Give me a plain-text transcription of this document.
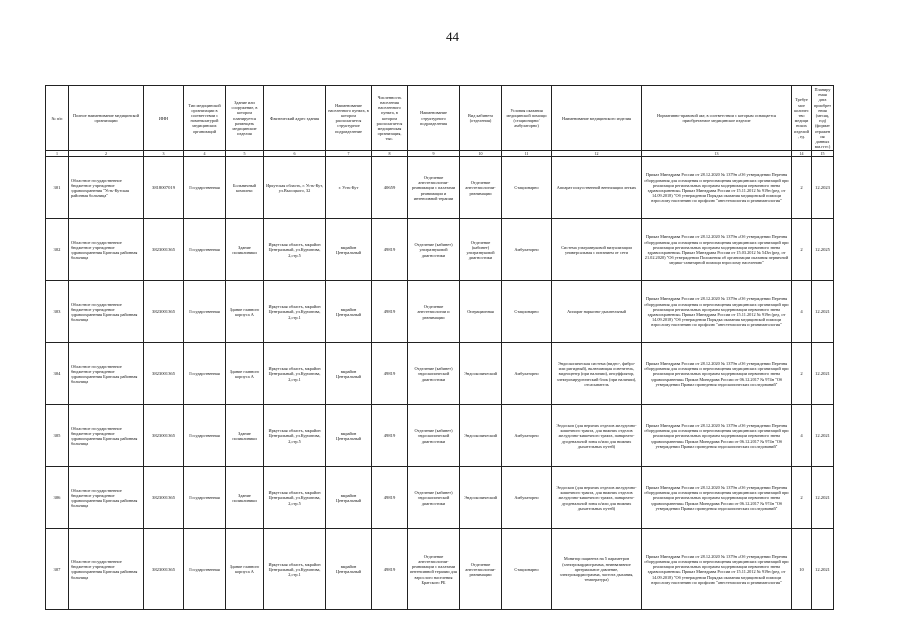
44
№ п/п	Полное наименование медицинской организации	ИНН	Тип медицинской организации в соответствии с номенклатурой медицинских организаций	Здание или сооружение, в котором планируется размещать медицинские изделия	Фактический адрес здания	Наименование населенного пункта, в котором располагается структурное подразделение	Численность населения населенного пункта, в котором располагается медицинская организация, тыс.	Наименование структурного подразделения	Вид кабинета (отделения)	Условия оказания медицинской помощи (стационарно/амбулаторно)	Наименование медицинского изделия	Нормативно-правовой акт, в соответствии с которым оснащается приобретаемое медицинское изделие	Требуемое количество медицинских изделий, ед.	Планируемая дата приобретения (месяц, год) (формат отражения данных мм.гггг.)
1	2	3	4	5	6	7	8	9	10	11	12	13	14	15
301	Областное государственное бюджетное учреждение здравоохранения "Усть-Кутская районная больница"	3818007019	Государственная	Больничный комплекс	Иркутская область, г. Усть-Кут, ул.Высоцкого, 32	г. Усть-Кут	40659	Отделение анестезиологии-реанимации с палатами реанимации и интенсивной терапии	Отделение анестезиологии-реанимации	Стационарно	Аппарат искусственной вентиляции легких	Приказ Минздрава России от 28.12.2020 № 1379н «Об утверждении Перечня оборудования для оснащения и переоснащения медицинских организаций при реализации региональных программ модернизации первичного звена здравоохранения» Приказ Минздрава России от 15.11.2012 № 919н (ред. от 14.09.2018) "Об утверждении Порядка оказания медицинской помощи взрослому населению по профилю "анестезиология и реаниматология"	2	12.2023
302	Областное государственное бюджетное учреждение здравоохранения Братская районная больница	3823001365	Государственная	Здание поликлиники	Иркутская область, мкрайон Центральный, ул.Курчатова, 2,стр.5	мкрайон Центральный	49819	Отделение (кабинет) ультразвуковой диагностики	Отделение (кабинет) ультразвуковой диагностики	Амбулаторно	Система ультразвуковой визуализации универсальная с питанием от сети	Приказ Минздрава России от 28.12.2020 № 1379н «Об утверждении Перечня оборудования для оснащения и переоснащения медицинских организаций при реализации региональных программ модернизации первичного звена здравоохранения» Приказ Минздрава России от 15.03.2012 № 543н (ред. от 21.02.2020) "Об утверждении Положения об организации оказания первичной медико-санитарной помощи взрослому населению"	2	12.2025
303	Областное государственное бюджетное учреждение здравоохранения Братская районная больница	3823001365	Государственная	Здание главного корпуса А	Иркутская область, мкрайон Центральный, ул.Курчатова, 2,стр.1	мкрайон Центральный	49819	Отделение анестезиологии и реанимации	Операционная	Стационарно	Аппарат наркозно-дыхательный	Приказ Минздрава России от 28.12.2020 № 1379н «Об утверждении Перечня оборудования для оснащения и переоснащения медицинских организаций при реализации региональных программ модернизации первичного звена здравоохранения» Приказ Минздрава России от 15.11.2012 № 919н (ред. от 14.09.2018) "Об утверждении Порядка оказания медицинской помощи взрослому населению по профилю "анестезиология и реаниматология"	4	12.2021
304	Областное государственное бюджетное учреждение здравоохранения Братская районная больница	3823001365	Государственная	Здание главного корпуса А	Иркутская область, мкрайон Центральный, ул.Курчатова, 2,стр.1	мкрайон Центральный	49819	Отделение (кабинет) эндоскопической диагностики	Эндоскопический	Амбулаторно	Эндоскопическая система (видео-, фибро- или ригидный), включающая осветитель, видеоцентр (при наличии), инсуффлятор, электрохирургический блок (при наличии), отсасыватель	Приказ Минздрава России от 28.12.2020 № 1379н «Об утверждении Перечня оборудования для оснащения и переоснащения медицинских организаций при реализации региональных программ модернизации первичного звена здравоохранения» Приказ Минздрава России от 06.12.2017 № 974н "Об утверждении Правил проведения эндоскопических исследований"	2	12.2021
305	Областное государственное бюджетное учреждение здравоохранения Братская районная больница	3823001365	Государственная	Здание поликлиники	Иркутская область, мкрайон Центральный, ул.Курчатова, 2,стр.5	мкрайон Центральный	49819	Отделение (кабинет) эндоскопической диагностики	Эндоскопический	Амбулаторно	Эндоскоп (для верхних отделов желудочно-кишечного тракта, для нижних отделов желудочно-кишечного тракта, панкреато-дуоденальной зоны и/или для нижних дыхательных путей)	Приказ Минздрава России от 28.12.2020 № 1379н «Об утверждении Перечня оборудования для оснащения и переоснащения медицинских организаций при реализации региональных программ модернизации первичного звена здравоохранения» Приказ Минздрава России от 06.12.2017 № 974н "Об утверждении Правил проведения эндоскопических исследований"	4	12.2021
306	Областное государственное бюджетное учреждение здравоохранения Братская районная больница	3823001365	Государственная	Здание поликлиники	Иркутская область, мкрайон Центральный, ул.Курчатова, 2,стр.5	мкрайон Центральный	49819	Отделение (кабинет) эндоскопической диагностики	Эндоскопический	Амбулаторно	Эндоскоп (для верхних отделов желудочно-кишечного тракта, для нижних отделов желудочно-кишечного тракта, панкреато-дуоденальной зоны и/или для нижних дыхательных путей)	Приказ Минздрава России от 28.12.2020 № 1379н «Об утверждении Перечня оборудования для оснащения и переоснащения медицинских организаций при реализации региональных программ модернизации первичного звена здравоохранения» Приказ Минздрава России от 06.12.2017 № 974н "Об утверждении Правил проведения эндоскопических исследований"	2	12.2021
307	Областное государственное бюджетное учреждение здравоохранения Братская районная больница	3823001365	Государственная	Здание главного корпуса А	Иркутская область, мкрайон Центральный, ул.Курчатова, 2,стр.1	мкрайон Центральный	49819	Отделение анестезиологии-реанимации с палатами интенсивной терапии для взрослого населения Братского РБ	Отделение анестезиологии-реанимации	Стационарно	Монитор пациента на 5 параметров (электрокардиограмма, неинвазивное артериальное давление, электрокардиограмма, частота дыхания, температура)	Приказ Минздрава России от 28.12.2020 № 1379н «Об утверждении Перечня оборудования для оснащения и переоснащения медицинских организаций при реализации региональных программ модернизации первичного звена здравоохранения» Приказ Минздрава России от 15.11.2012 № 919н (ред. от 14.09.2018) "Об утверждении Порядка оказания медицинской помощи взрослому населению по профилю "анестезиология и реаниматология"	10	12.2021
